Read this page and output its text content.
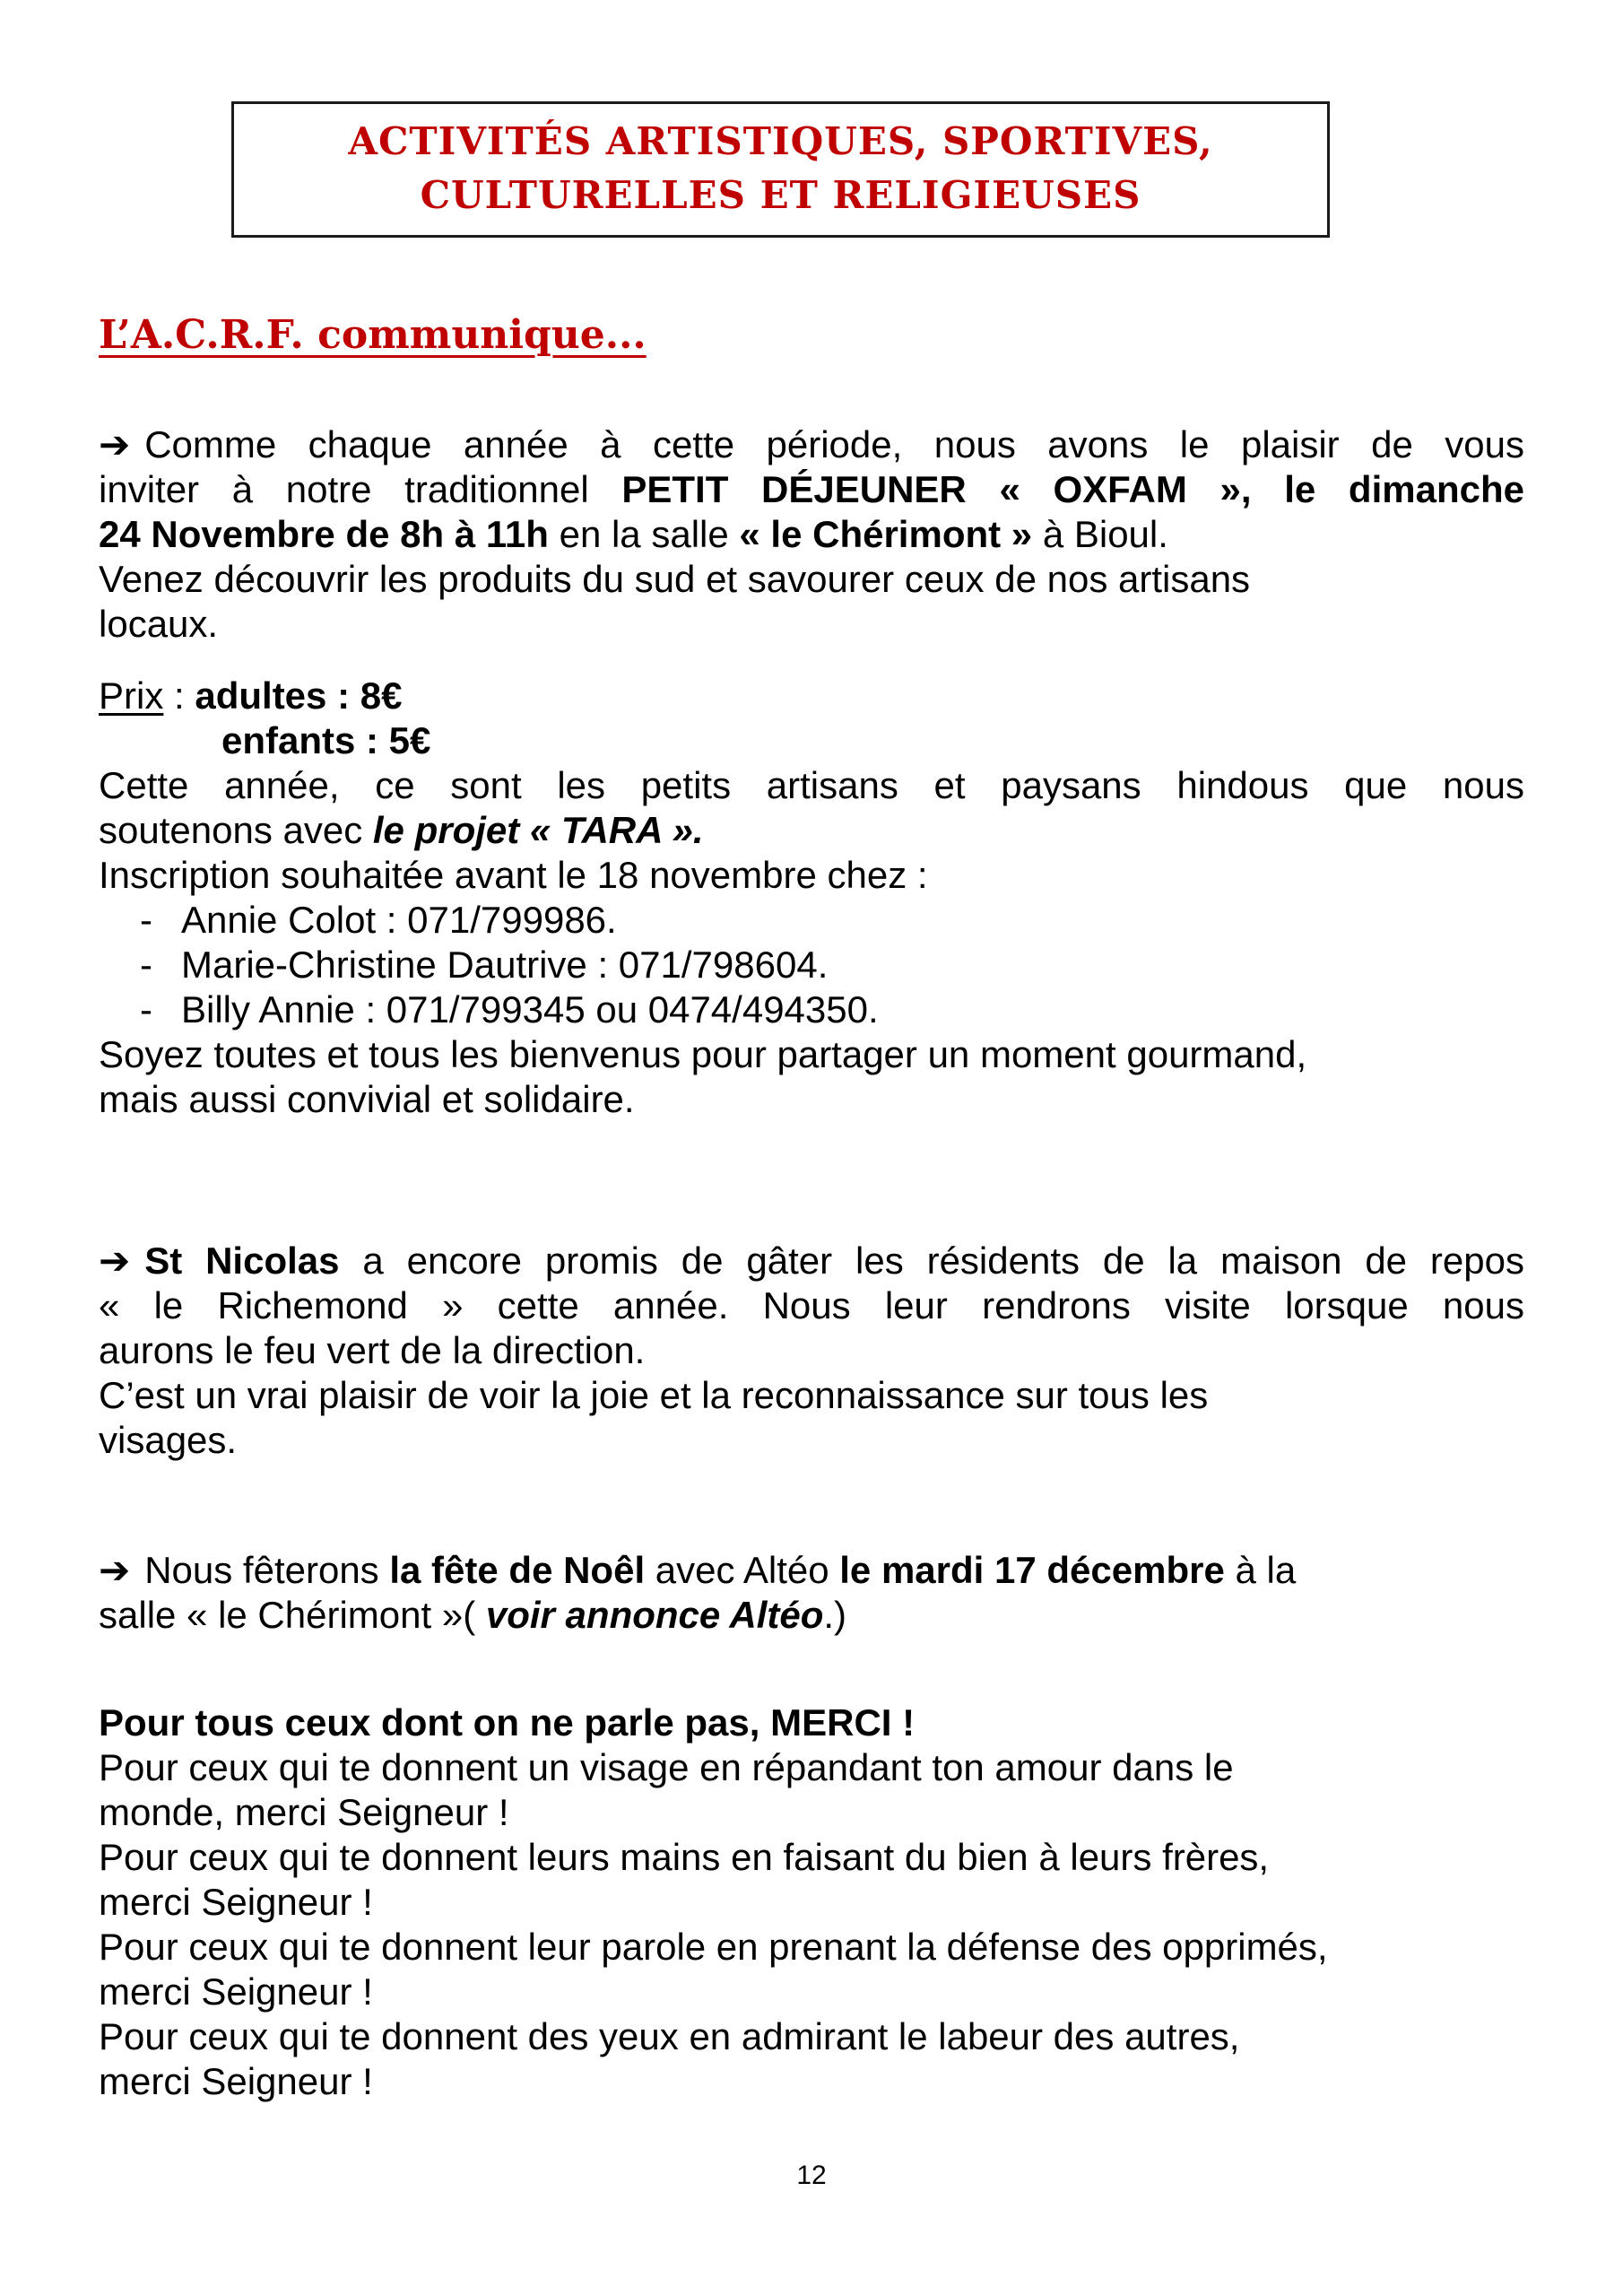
ACTIVITÉS ARTISTIQUES, SPORTIVES,
CULTURELLES ET RELIGIEUSES
L’A.C.R.F. communique...
➔ Comme chaque année à cette période, nous avons le plaisir de vous
inviter à notre traditionnel PETIT DÉJEUNER « OXFAM », le dimanche
24 Novembre de 8h à 11h en la salle « le Chérimont » à Bioul.
Venez découvrir les produits du sud et savourer ceux de nos artisans
locaux.
Prix : adultes : 8€
enfants : 5€
Cette année, ce sont les petits artisans et paysans hindous que nous
soutenons avec le projet « TARA ».
Inscription souhaitée avant le 18 novembre chez :
- Annie Colot : 071/799986.
- Marie-Christine Dautrive : 071/798604.
- Billy Annie : 071/799345 ou 0474/494350.
Soyez toutes et tous les bienvenus pour partager un moment gourmand,
mais aussi convivial et solidaire.
➔ St Nicolas a encore promis de gâter les résidents de la maison de repos
« le Richemond » cette année. Nous leur rendrons visite lorsque nous
aurons le feu vert de la direction.
C’est un vrai plaisir de voir la joie et la reconnaissance sur tous les
visages.
➔ Nous fêterons la fête de Noêl avec Altéo le mardi 17 décembre à la
salle « le Chérimont »( voir annonce Altéo.)
Pour tous ceux dont on ne parle pas, MERCI !
Pour ceux qui te donnent un visage en répandant ton amour dans le
monde, merci Seigneur !
Pour ceux qui te donnent leurs mains en faisant du bien à leurs frères,
merci Seigneur !
Pour ceux qui te donnent leur parole en prenant la défense des opprimés,
merci Seigneur !
Pour ceux qui te donnent des yeux en admirant le labeur des autres,
merci Seigneur !
12
